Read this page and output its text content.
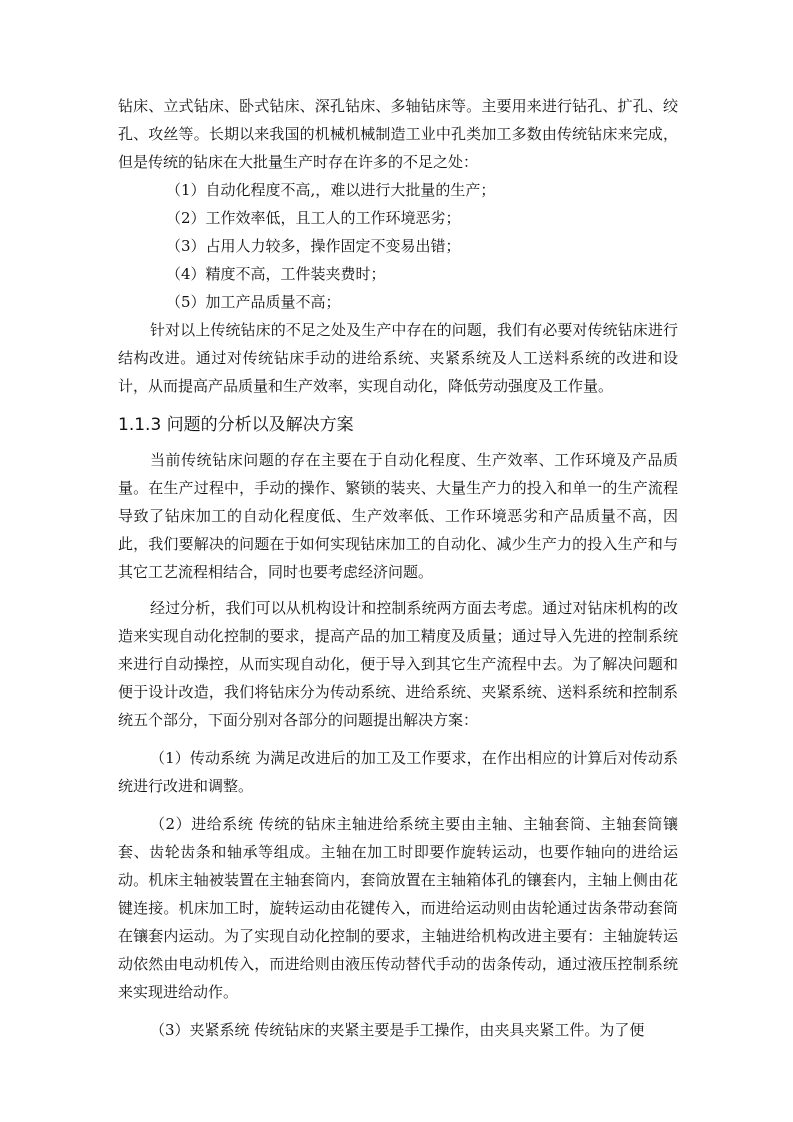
钻床、立式钻床、卧式钻床、深孔钻床、多轴钻床等。主要用来进行钻孔、扩孔、绞孔、攻丝等。长期以来我国的机械机械制造工业中孔类加工多数由传统钻床来完成，但是传统的钻床在大批量生产时存在许多的不足之处：

（1）自动化程度不高,，难以进行大批量的生产；
（2）工作效率低，且工人的工作环境恶劣；
（3）占用人力较多，操作固定不变易出错；
（4）精度不高，工件装夹费时；
（5）加工产品质量不高；

针对以上传统钻床的不足之处及生产中存在的问题，我们有必要对传统钻床进行结构改进。通过对传统钻床手动的进给系统、夹紧系统及人工送料系统的改进和设计，从而提高产品质量和生产效率，实现自动化，降低劳动强度及工作量。

1.1.3 问题的分析以及解决方案

当前传统钻床问题的存在主要在于自动化程度、生产效率、工作环境及产品质量。在生产过程中，手动的操作、繁锁的装夹、大量生产力的投入和单一的生产流程导致了钻床加工的自动化程度低、生产效率低、工作环境恶劣和产品质量不高，因此，我们要解决的问题在于如何实现钻床加工的自动化、减少生产力的投入生产和与其它工艺流程相结合，同时也要考虑经济问题。

经过分析，我们可以从机构设计和控制系统两方面去考虑。通过对钻床机构的改造来实现自动化控制的要求，提高产品的加工精度及质量；通过导入先进的控制系统来进行自动操控，从而实现自动化，便于导入到其它生产流程中去。为了解决问题和便于设计改造，我们将钻床分为传动系统、进给系统、夹紧系统、送料系统和控制系统五个部分，下面分别对各部分的问题提出解决方案：

（1）传动系统 为满足改进后的加工及工作要求，在作出相应的计算后对传动系统进行改进和调整。

（2）进给系统 传统的钻床主轴进给系统主要由主轴、主轴套筒、主轴套筒镶套、齿轮齿条和轴承等组成。主轴在加工时即要作旋转运动，也要作轴向的进给运动。机床主轴被装置在主轴套筒内，套筒放置在主轴箱体孔的镶套内，主轴上侧由花键连接。机床加工时，旋转运动由花键传入，而进给运动则由齿轮通过齿条带动套筒在镶套内运动。为了实现自动化控制的要求，主轴进给机构改进主要有：主轴旋转运动依然由电动机传入，而进给则由液压传动替代手动的齿条传动，通过液压控制系统来实现进给动作。

（3）夹紧系统 传统钻床的夹紧主要是手工操作，由夹具夹紧工件。为了便
